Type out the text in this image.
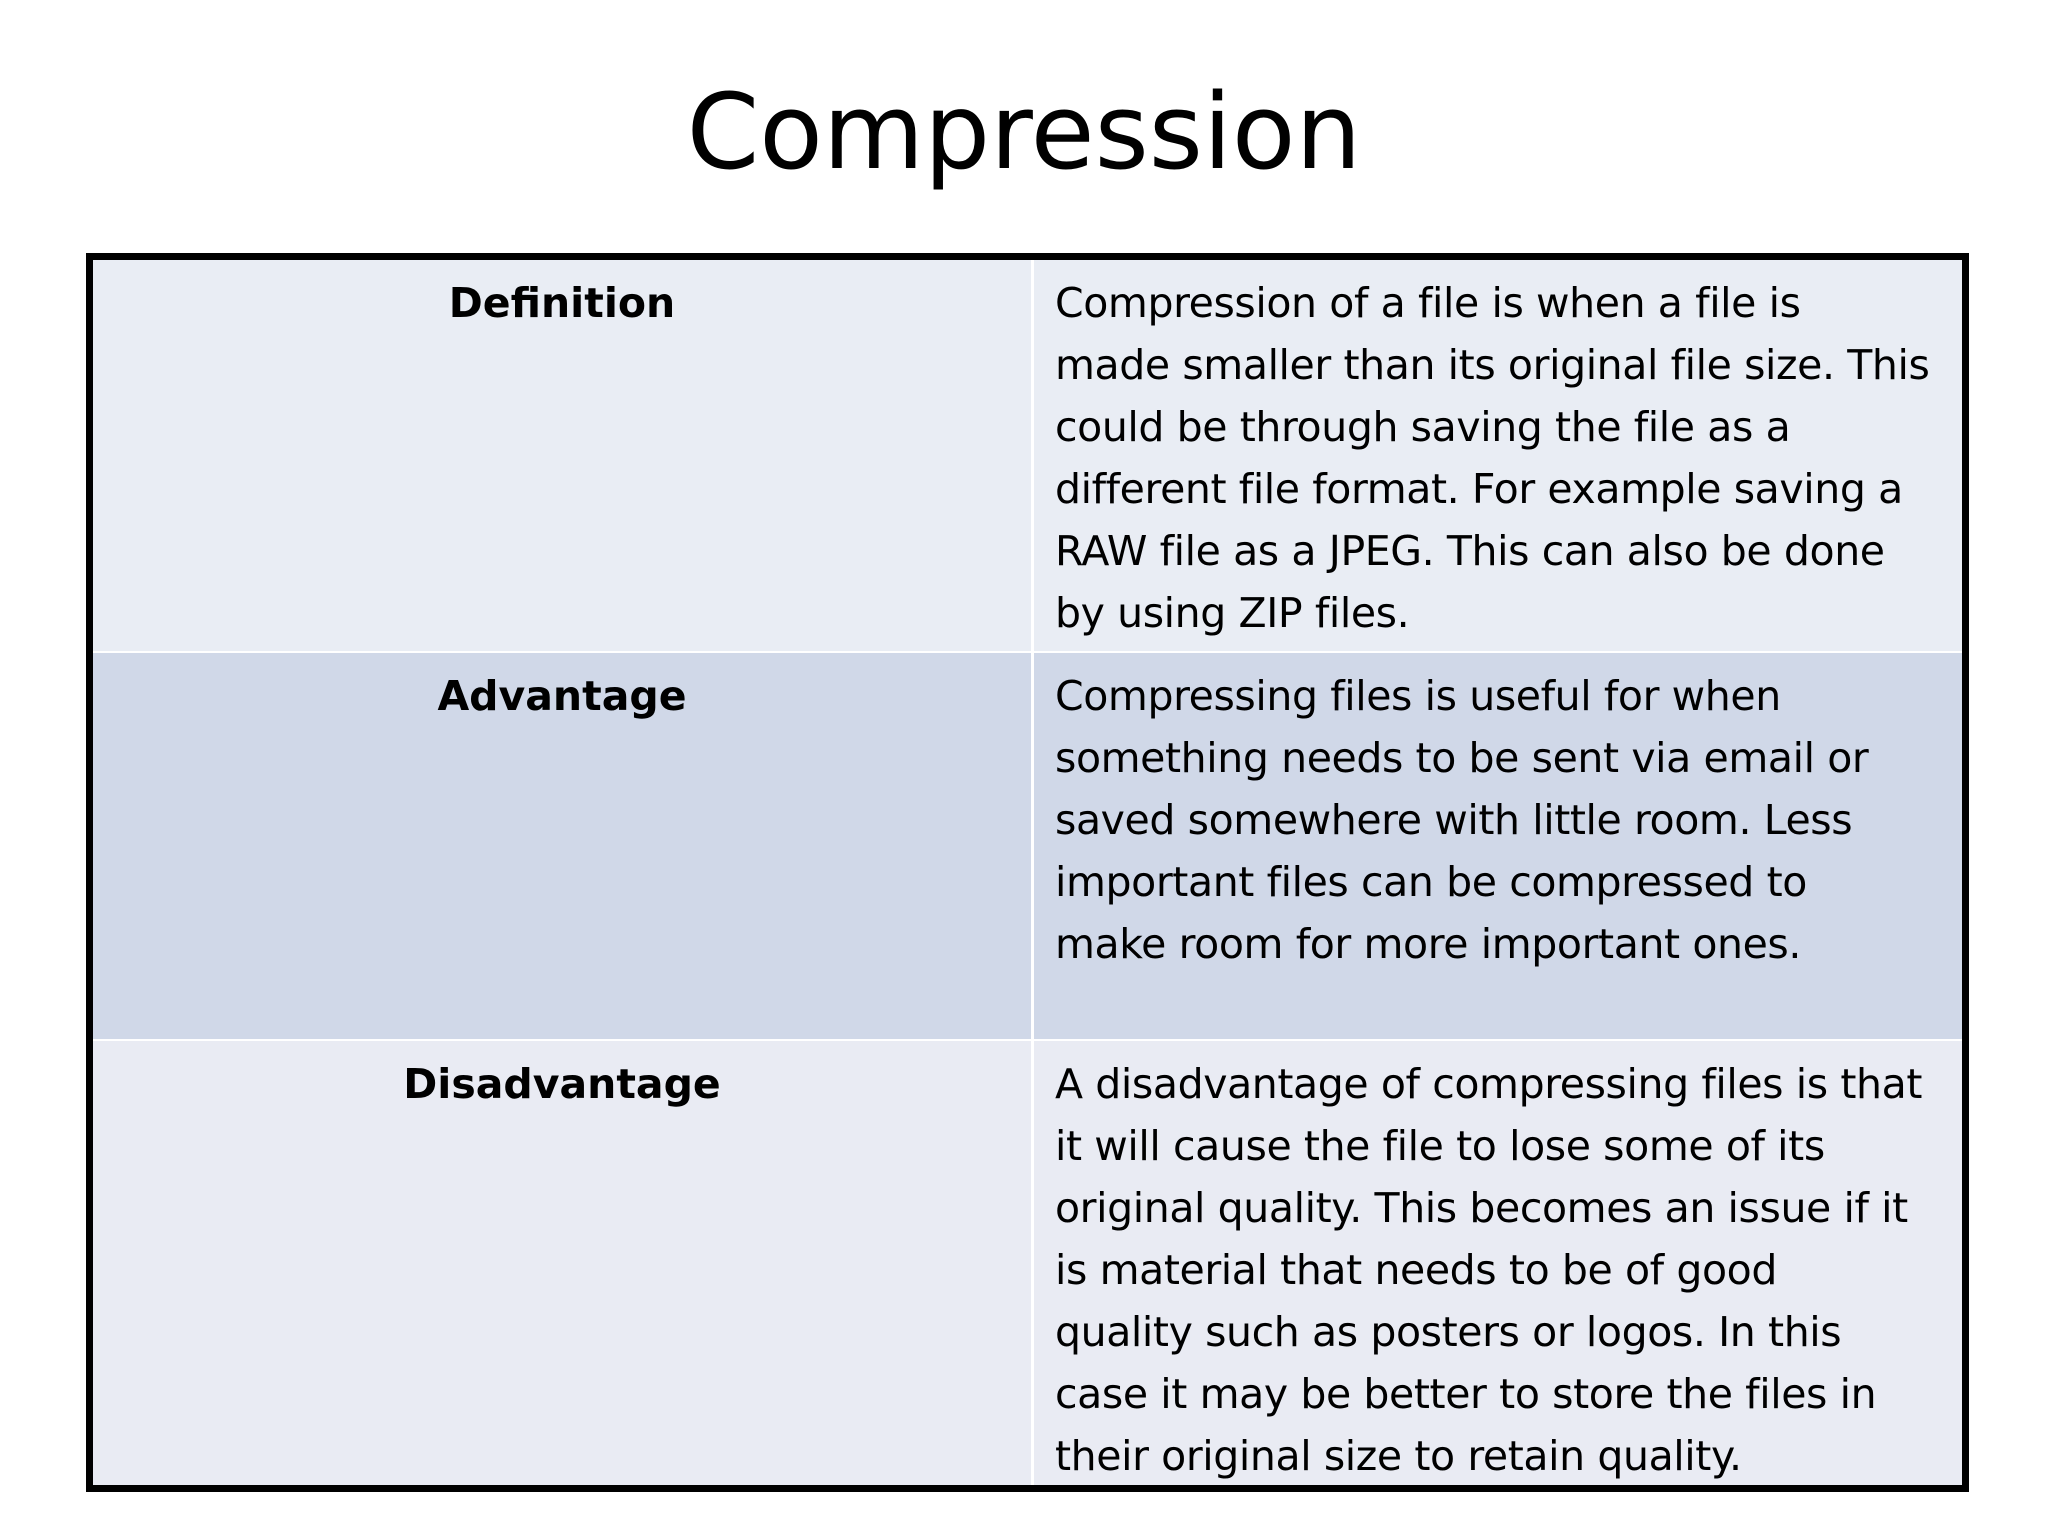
Compression
Definition	Compression of a file is when a file is
made smaller than its original file size. This
could be through saving the file as a
different file format. For example saving a
RAW file as a JPEG. This can also be done
by using ZIP files.
Advantage	Compressing files is useful for when
something needs to be sent via email or
saved somewhere with little room. Less
important files can be compressed to
make room for more important ones.
Disadvantage	A disadvantage of compressing files is that
it will cause the file to lose some of its
original quality. This becomes an issue if it
is material that needs to be of good
quality such as posters or logos. In this
case it may be better to store the files in
their original size to retain quality.
